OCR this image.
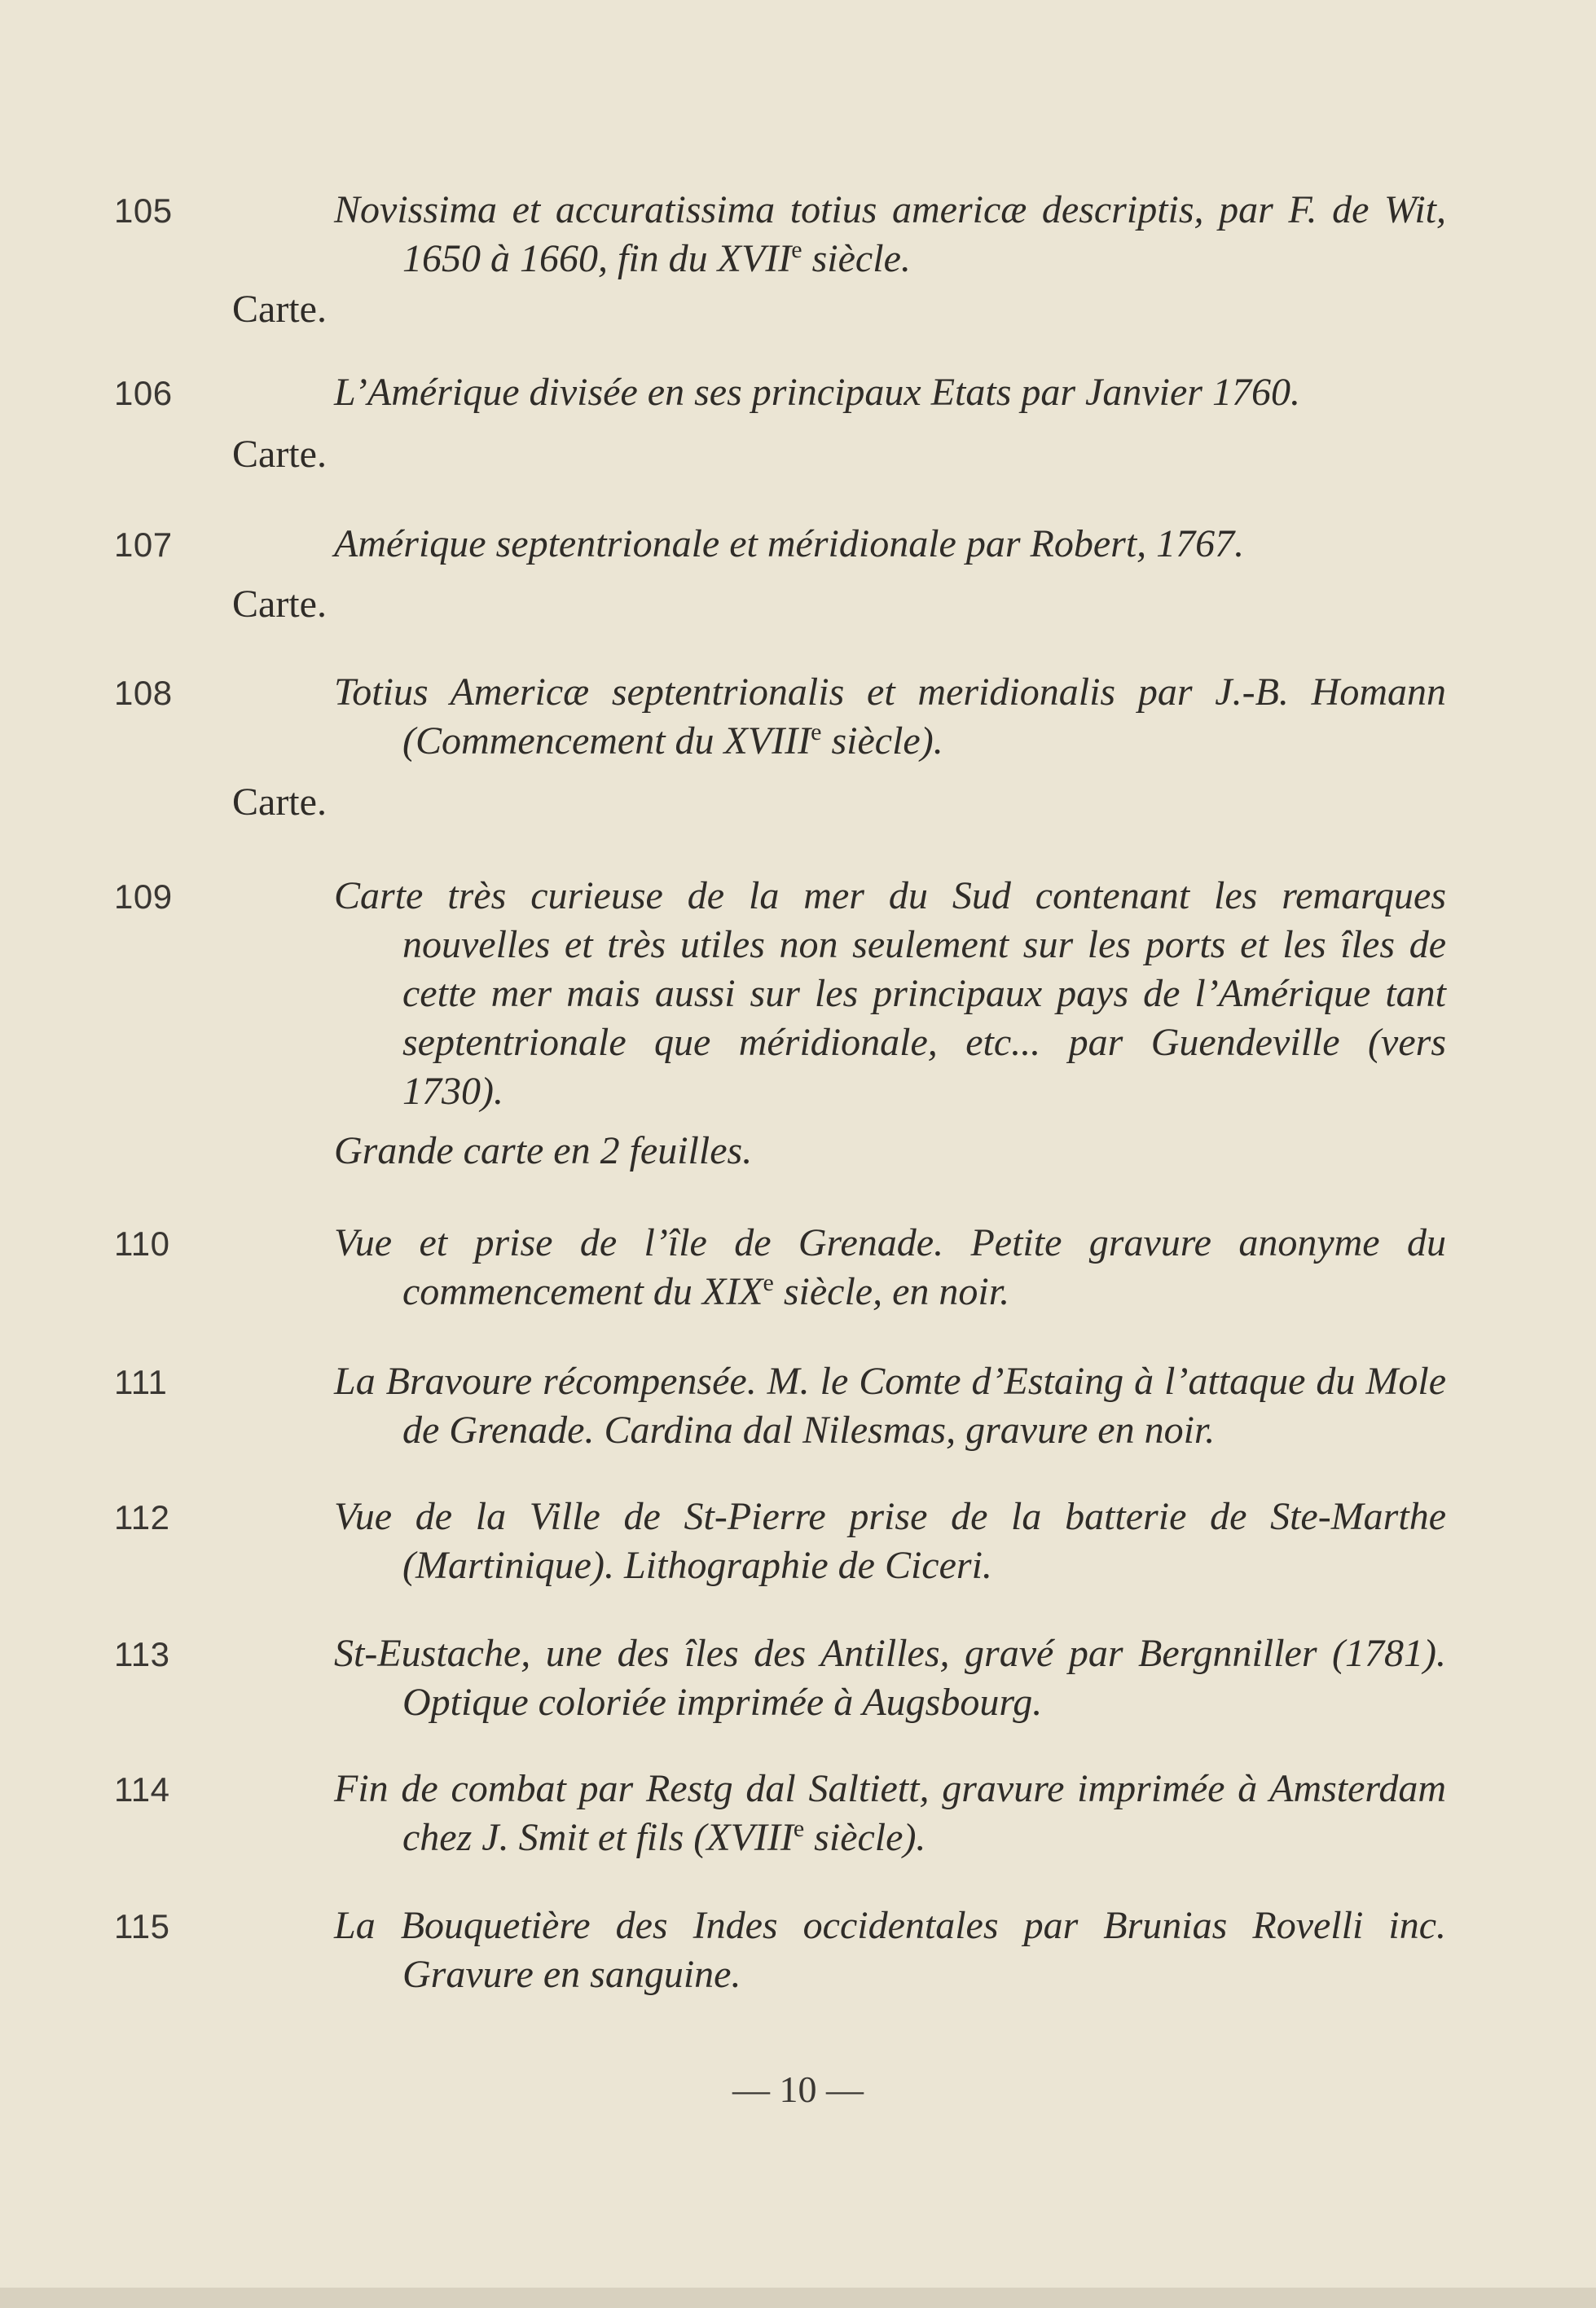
105	Novissima et accuratissima totius americæ descriptis, par F. de Wit, 1650 à 1660, fin du XVIIe siècle.
Carte.
106	L’Amérique divisée en ses principaux Etats par Janvier 1760.
Carte.
107	Amérique septentrionale et méridionale par Robert, 1767.
Carte.
108	Totius Americæ septentrionalis et meridionalis par J.-B. Homann (Commencement du XVIIIe siècle).
Carte.
109	Carte très curieuse de la mer du Sud contenant les remarques nouvelles et très utiles non seulement sur les ports et les îles de cette mer mais aussi sur les principaux pays de l’Amérique tant septentrionale que méridionale, etc... par Guendeville (vers 1730).
Grande carte en 2 feuilles.
110	Vue et prise de l’île de Grenade. Petite gravure anonyme du commencement du XIXe siècle, en noir.
111	La Bravoure récompensée. M. le Comte d’Estaing à l’attaque du Mole de Grenade. Cardina dal Nilesmas, gravure en noir.
112	Vue de la Ville de St-Pierre prise de la batterie de Ste-Marthe (Martinique). Lithographie de Ciceri.
113	St-Eustache, une des îles des Antilles, gravé par Bergnniller (1781). Optique coloriée imprimée à Augsbourg.
114	Fin de combat par Restg dal Saltiett, gravure imprimée à Amsterdam chez J. Smit et fils (XVIIIe siècle).
115	La Bouquetière des Indes occidentales par Brunias Rovelli inc. Gravure en sanguine.
— 10 —
